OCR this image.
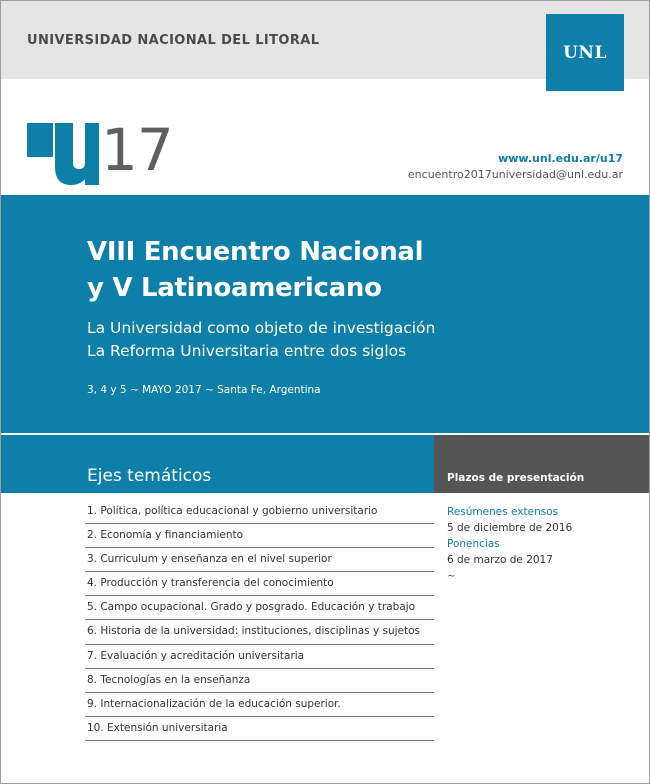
UNIVERSIDAD NACIONAL DEL LITORAL
UNL
17	www.unl.edu.ar/u17
encuentro2017universidad@unl.edu.ar
VIII Encuentro Nacional
y V Latinoamericano
La Universidad como objeto de investigación
La Reforma Universitaria entre dos siglos
3, 4 y 5 ~ MAYO 2017 ~ Santa Fe, Argentina
Ejes temáticos	Plazos de presentación
1. Política, política educacional y gobierno universitario
2. Economía y financiamiento
3. Curriculum y enseñanza en el nivel superior
4. Producción y transferencia del conocimiento
5. Campo ocupacional. Grado y posgrado. Educación y trabajo
6. Historia de la universidad: instituciones, disciplinas y sujetos
7. Evaluación y acreditación universitaria
8. Tecnologías en la enseñanza
9. Internacionalización de la educación superior.
10. Extensión universitaria
Resúmenes extensos
5 de diciembre de 2016
Ponencias
6 de marzo de 2017
~
